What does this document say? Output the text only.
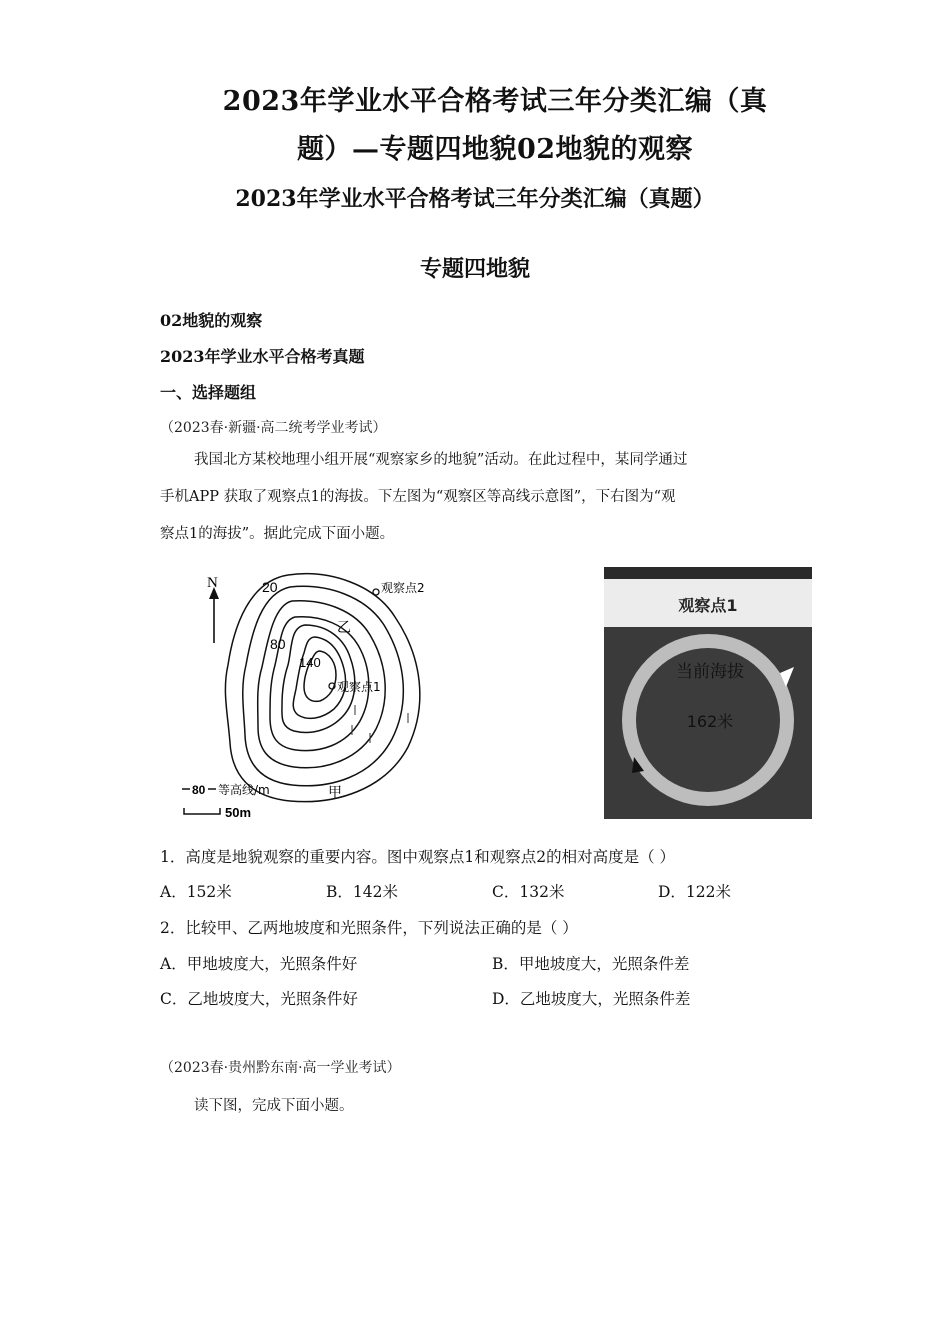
2023年学业水平合格考试三年分类汇编（真
题）—专题四地貌02地貌的观察
2023年学业水平合格考试三年分类汇编（真题）
专题四地貌
02地貌的观察
2023年学业水平合格考真题
一、选择题组
（2023春·新疆·高二统考学业考试）
我国北方某校地理小组开展“观察家乡的地貌”活动。在此过程中，某同学通过
手机APP 获取了观察点1的海拔。下左图为“观察区等高线示意图”，下右图为“观
察点1的海拔”。据此完成下面小题。
N
观察点1
观察点2
20
80
140
乙
甲
80 等高线/m
50m
观察点1
当前海拔
162米
1．高度是地貌观察的重要内容。图中观察点1和观察点2的相对高度是（ ）
A．152米	B．142米	C．132米	D．122米
2．比较甲、乙两地坡度和光照条件，下列说法正确的是（ ）
A．甲地坡度大，光照条件好	B．甲地坡度大，光照条件差
C．乙地坡度大，光照条件好	D．乙地坡度大，光照条件差
（2023春·贵州黔东南·高一学业考试）
读下图，完成下面小题。
